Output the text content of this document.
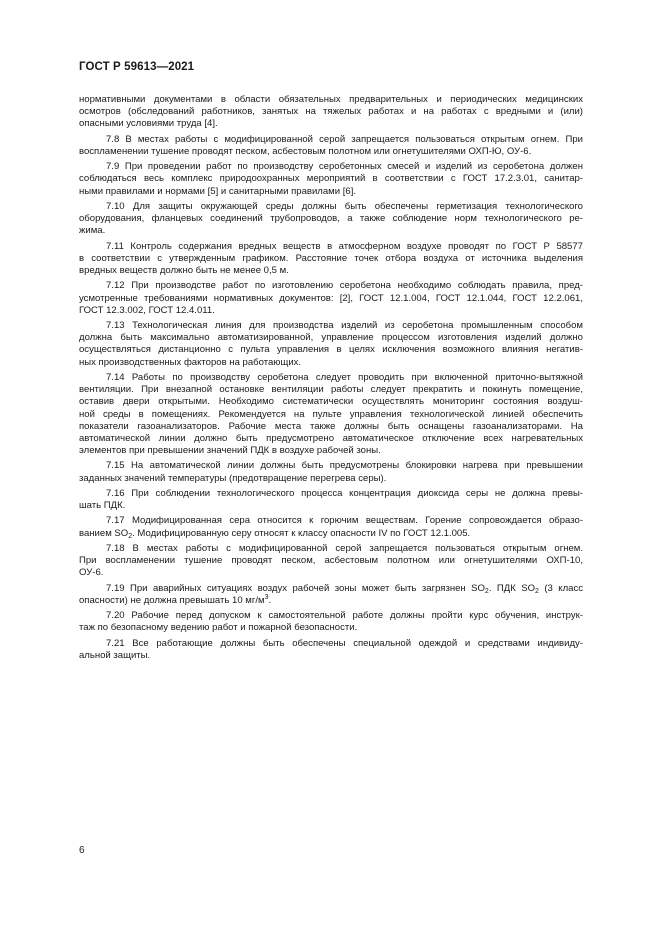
ГОСТ Р 59613—2021
нормативными документами в области обязательных предварительных и периодических медицинских
осмотров (обследований работников, занятых на тяжелых работах и на работах с вредными и (или)
опасными условиями труда [4].
7.8 В местах работы с модифицированной серой запрещается пользоваться открытым огнем. При
воспламенении тушение проводят песком, асбестовым полотном или огнетушителями ОХП-Ю, ОУ-6.
7.9 При проведении работ по производству серобетонных смесей и изделий из серобетона должен
соблюдаться весь комплекс природоохранных мероприятий в соответствии с ГОСТ 17.2.3.01, санитар-
ными правилами и нормами [5] и санитарными правилами [6].
7.10 Для защиты окружающей среды должны быть обеспечены герметизация технологического
оборудования, фланцевых соединений трубопроводов, а также соблюдение норм технологического ре-
жима.
7.11 Контроль содержания вредных веществ в атмосферном воздухе проводят по ГОСТ Р 58577
в соответствии с утвержденным графиком. Расстояние точек отбора воздуха от источника выделения
вредных веществ должно быть не менее 0,5 м.
7.12 При производстве работ по изготовлению серобетона необходимо соблюдать правила, пред-
усмотренные требованиями нормативных документов: [2], ГОСТ 12.1.004, ГОСТ 12.1.044, ГОСТ 12.2.061,
ГОСТ 12.3.002, ГОСТ 12.4.011.
7.13 Технологическая линия для производства изделий из серобетона промышленным способом
должна быть максимально автоматизированной, управление процессом изготовления изделий должно
осуществляться дистанционно с пульта управления в целях исключения возможного влияния негатив-
ных производственных факторов на работающих.
7.14 Работы по производству серобетона следует проводить при включенной приточно-вытяжной
вентиляции. При внезапной остановке вентиляции работы следует прекратить и покинуть помещение,
оставив двери открытыми. Необходимо систематически осуществлять мониторинг состояния воздуш-
ной среды в помещениях. Рекомендуется на пульте управления технологической линией обеспечить
показатели газоанализаторов. Рабочие места также должны быть оснащены газоанализаторами. На
автоматической линии должно быть предусмотрено автоматическое отключение всех нагревательных
элементов при превышении значений ПДК в воздухе рабочей зоны.
7.15 На автоматической линии должны быть предусмотрены блокировки нагрева при превышении
заданных значений температуры (предотвращение перегрева серы).
7.16 При соблюдении технологического процесса концентрация диоксида серы не должна превы-
шать ПДК.
7.17 Модифицированная сера относится к горючим веществам. Горение сопровождается образо-
ванием $SO_2$. Модифицированную серу относят к классу опасности IV по ГОСТ 12.1.005.
7.18 В местах работы с модифицированной серой запрещается пользоваться открытым огнем.
При воспламенении тушение проводят песком, асбестовым полотном или огнетушителями ОХП-10,
ОУ-6.
7.19 При аварийных ситуациях воздух рабочей зоны может быть загрязнен $SO_2$. ПДК $SO_2$ (3 класс
опасности) не должна превышать 10 $мг/м^3$.
7.20 Рабочие перед допуском к самостоятельной работе должны пройти курс обучения, инструк-
таж по безопасному ведению работ и пожарной безопасности.
7.21 Все работающие должны быть обеспечены специальной одеждой и средствами индивиду-
альной защиты.
6
